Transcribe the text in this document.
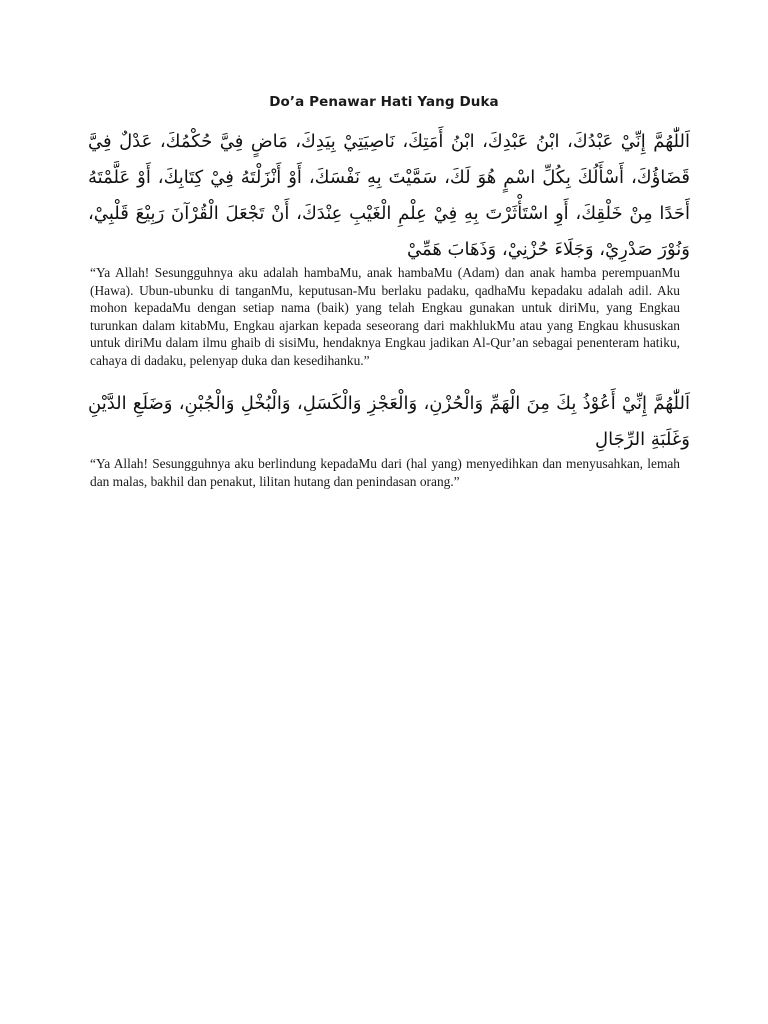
Do’a Penawar Hati Yang Duka
اَللّٰهُمَّ إِنِّيْ عَبْدُكَ، ابْنُ عَبْدِكَ، ابْنُ أَمَتِكَ، نَاصِيَتِيْ بِيَدِكَ، مَاضٍ فِيَّ حُكْمُكَ، عَدْلٌ فِيَّ قَضَاؤُكَ، أَسْأَلُكَ بِكُلِّ اسْمٍ هُوَ لَكَ، سَمَّيْتَ بِهِ نَفْسَكَ، أَوْ أَنْزَلْتَهُ فِيْ كِتَابِكَ، أَوْ عَلَّمْتَهُ أَحَدًا مِنْ خَلْقِكَ، أَوِ اسْتَأْثَرْتَ بِهِ فِيْ عِلْمِ الْغَيْبِ عِنْدَكَ، أَنْ تَجْعَلَ الْقُرْآنَ رَبِيْعَ قَلْبِيْ، وَنُوْرَ صَدْرِيْ، وَجَلَاءَ حُزْنِيْ، وَذَهَابَ هَمِّيْ
“Ya Allah! Sesungguhnya aku adalah hambaMu, anak hambaMu (Adam) dan anak hamba perempuanMu (Hawa). Ubun-ubunku di tanganMu, keputusan-Mu berlaku padaku, qadhaMu kepadaku adalah adil. Aku mohon kepadaMu dengan setiap nama (baik) yang telah Engkau gunakan untuk diriMu, yang Engkau turunkan dalam kitabMu, Engkau ajarkan kepada seseorang dari makhlukMu atau yang Engkau khususkan untuk diriMu dalam ilmu ghaib di sisiMu, hendaknya Engkau jadikan Al-Qur’an sebagai penenteram hatiku, cahaya di dadaku, pelenyap duka dan kesedihanku.”
اَللّٰهُمَّ إِنِّيْ أَعُوْذُ بِكَ مِنَ الْهَمِّ وَالْحُزْنِ، وَالْعَجْزِ وَالْكَسَلِ، وَالْبُخْلِ وَالْجُبْنِ، وَضَلَعِ الدَّيْنِ وَغَلَبَةِ الرِّجَالِ
“Ya Allah! Sesungguhnya aku berlindung kepadaMu dari (hal yang) menyedihkan dan menyusahkan, lemah dan malas, bakhil dan penakut, lilitan hutang dan penindasan orang.”
